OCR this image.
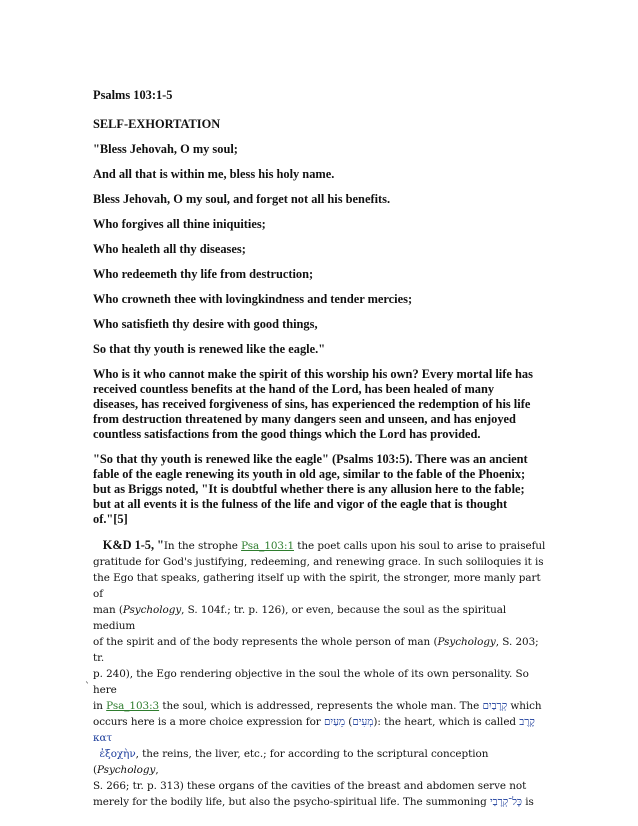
Psalms 103:1-5

SELF-EXHORTATION

"Bless Jehovah, O my soul;

And all that is within me, bless his holy name.

Bless Jehovah, O my soul, and forget not all his benefits.

Who forgives all thine iniquities;

Who healeth all thy diseases;

Who redeemeth thy life from destruction;

Who crowneth thee with lovingkindness and tender mercies;

Who satisfieth thy desire with good things,

So that thy youth is renewed like the eagle."

Who is it who cannot make the spirit of this worship his own? Every mortal life has

received countless benefits at the hand of the Lord, has been healed of many

diseases, has received forgiveness of sins, has experienced the redemption of his life

from destruction threatened by many dangers seen and unseen, and has enjoyed

countless satisfactions from the good things which the Lord has provided.

"So that thy youth is renewed like the eagle" (Psalms 103:5). There was an ancient

fable of the eagle renewing its youth in old age, similar to the fable of the Phoenix;

but as Briggs noted, "It is doubtful whether there is any allusion here to the fable;

but at all events it is the fulness of the life and vigor of the eagle that is thought

of."[5]

K&D 1-5, "In the strophe Psa_103:1 the poet calls upon his soul to arise to praiseful

gratitude for God's justifying, redeeming, and renewing grace. In such soliloquies it is

the Ego that speaks, gathering itself up with the spirit, the stronger, more manly part of

man (Psychology, S. 104f.; tr. p. 126), or even, because the soul as the spiritual medium

of the spirit and of the body represents the whole person of man (Psychology, S. 203; tr.

p. 240), the Ego rendering objective in the soul the whole of its own personality. So here

in Psa_103:3 the soul, which is addressed, represents the whole man. The קְרָבַיִם which

occurs here is a more choice expression for מֵעַיִם (מְעִים): the heart, which is called קֶרֶב κατ

ἐξοχὴν, the reins, the liver, etc.; for according to the scriptural conception (Psychology,

S. 266; tr. p. 313) these organs of the cavities of the breast and abdomen serve not

merely for the bodily life, but also the psycho-spiritual life. The summoning כָּל־קְרָבַי is

`
